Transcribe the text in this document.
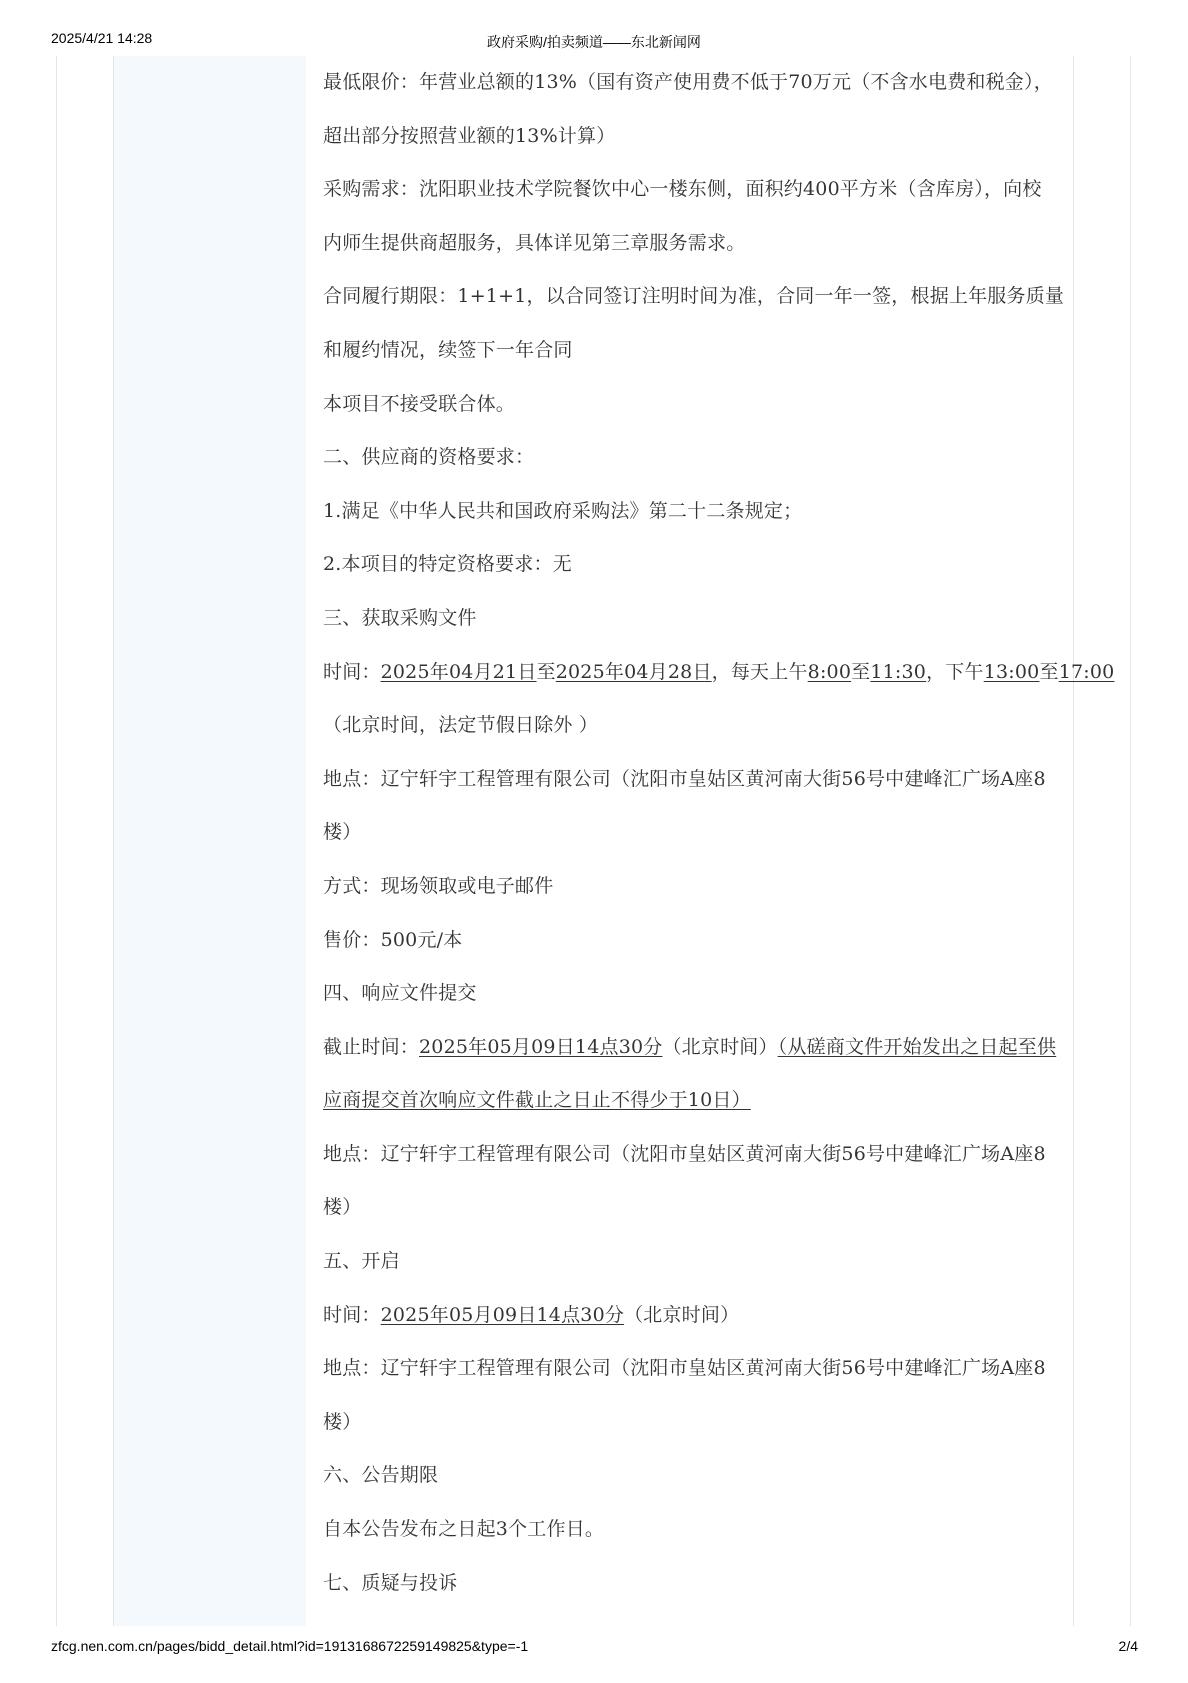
2025/4/21 14:28	政府采购/拍卖频道——东北新闻网
最低限价：年营业总额的13%（国有资产使用费不低于70万元（不含水电费和税金），
超出部分按照营业额的13%计算）
采购需求：沈阳职业技术学院餐饮中心一楼东侧，面积约400平方米（含库房），向校
内师生提供商超服务，具体详见第三章服务需求。
合同履行期限：1+1+1，以合同签订注明时间为准，合同一年一签，根据上年服务质量
和履约情况，续签下一年合同
本项目不接受联合体。
二、供应商的资格要求：
1.满足《中华人民共和国政府采购法》第二十二条规定；
2.本项目的特定资格要求：无
三、获取采购文件
时间：2025年04月21日至2025年04月28日，每天上午8:00至11:30，下午13:00至17:00
（北京时间，法定节假日除外 ）
地点：辽宁轩宇工程管理有限公司（沈阳市皇姑区黄河南大街56号中建峰汇广场A座8
楼）
方式：现场领取或电子邮件
售价：500元/本
四、响应文件提交
截止时间：2025年05月09日14点30分（北京时间）（从磋商文件开始发出之日起至供
应商提交首次响应文件截止之日止不得少于10日）
地点：辽宁轩宇工程管理有限公司（沈阳市皇姑区黄河南大街56号中建峰汇广场A座8
楼）
五、开启
时间：2025年05月09日14点30分（北京时间）
地点：辽宁轩宇工程管理有限公司（沈阳市皇姑区黄河南大街56号中建峰汇广场A座8
楼）
六、公告期限
自本公告发布之日起3个工作日。
七、质疑与投诉
zfcg.nen.com.cn/pages/bidd_detail.html?id=1913168672259149825&type=-1	2/4
